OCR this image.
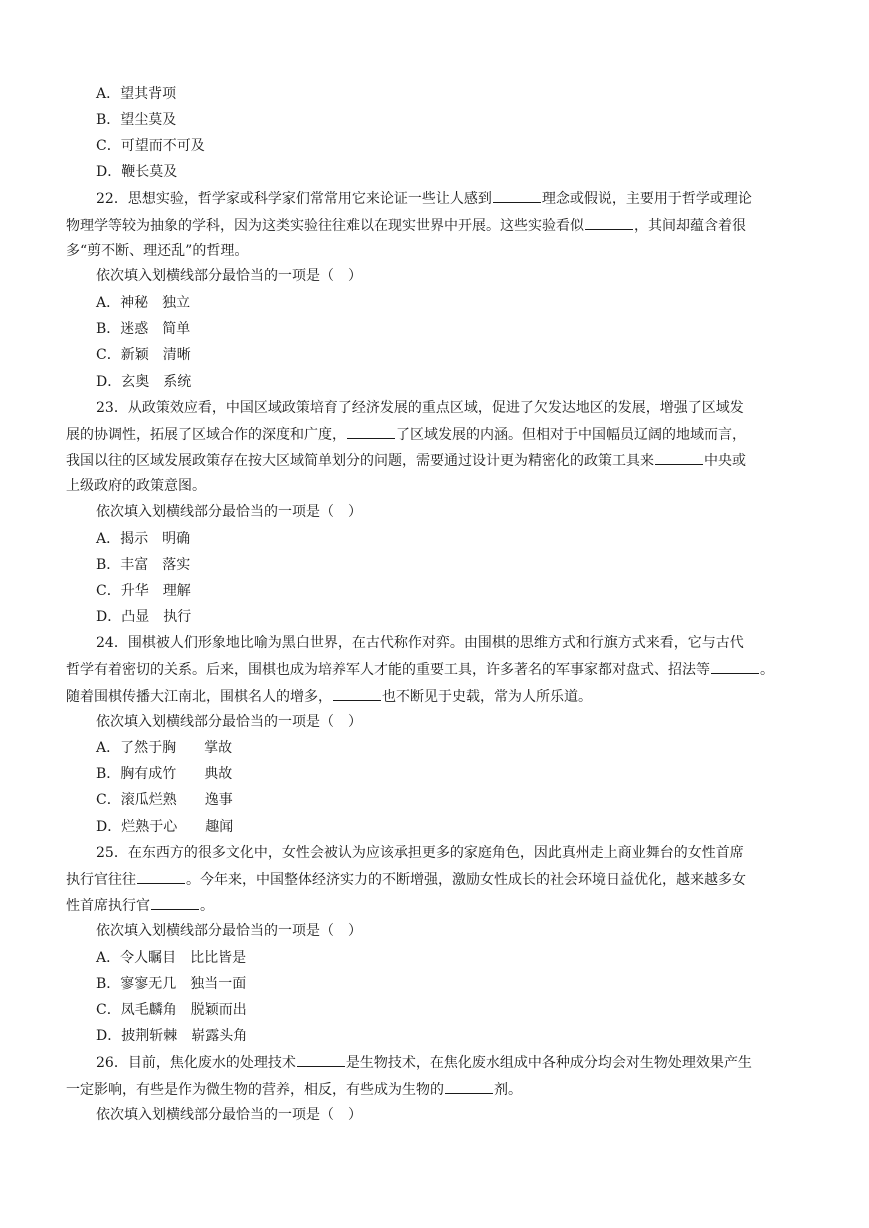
A．望其背项
B．望尘莫及
C．可望而不可及
D．鞭长莫及
22．思想实验，哲学家或科学家们常常用它来论证一些让人感到	理念或假说，主要用于哲学或理论
物理学等较为抽象的学科，因为这类实验往往难以在现实世界中开展。这些实验看似	，其间却蕴含着很
多“剪不断、理还乱”的哲理。
依次填入划横线部分最恰当的一项是（　）
A．神秘　独立
B．迷惑　简单
C．新颖　清晰
D．玄奥　系统
23．从政策效应看，中国区域政策培育了经济发展的重点区域，促进了欠发达地区的发展，增强了区域发
展的协调性，拓展了区域合作的深度和广度，	了区域发展的内涵。但相对于中国幅员辽阔的地域而言，
我国以往的区域发展政策存在按大区域简单划分的问题，需要通过设计更为精密化的政策工具来	中央或
上级政府的政策意图。
依次填入划横线部分最恰当的一项是（　）
A．揭示　明确
B．丰富　落实
C．升华　理解
D．凸显　执行
24．围棋被人们形象地比喻为黑白世界，在古代称作对弈。由围棋的思维方式和行旗方式来看，它与古代
哲学有着密切的关系。后来，围棋也成为培养军人才能的重要工具，许多著名的军事家都对盘式、招法等	。
随着围棋传播大江南北，围棋名人的增多，	也不断见于史载，常为人所乐道。
依次填入划横线部分最恰当的一项是（　）
A．了然于胸　　掌故
B．胸有成竹　　典故
C．滚瓜烂熟　　逸事
D．烂熟于心　　趣闻
25．在东西方的很多文化中，女性会被认为应该承担更多的家庭角色，因此真州走上商业舞台的女性首席
执行官往往	。今年来，中国整体经济实力的不断增强，激励女性成长的社会环境日益优化，越来越多女
性首席执行官	。
依次填入划横线部分最恰当的一项是（　）
A．令人瞩目　比比皆是
B．寥寥无几　独当一面
C．凤毛麟角　脱颖而出
D．披荆斩棘　崭露头角
26．目前，焦化废水的处理技术	是生物技术，在焦化废水组成中各种成分均会对生物处理效果产生
一定影响，有些是作为微生物的营养，相反，有些成为生物的	剂。
依次填入划横线部分最恰当的一项是（　）
